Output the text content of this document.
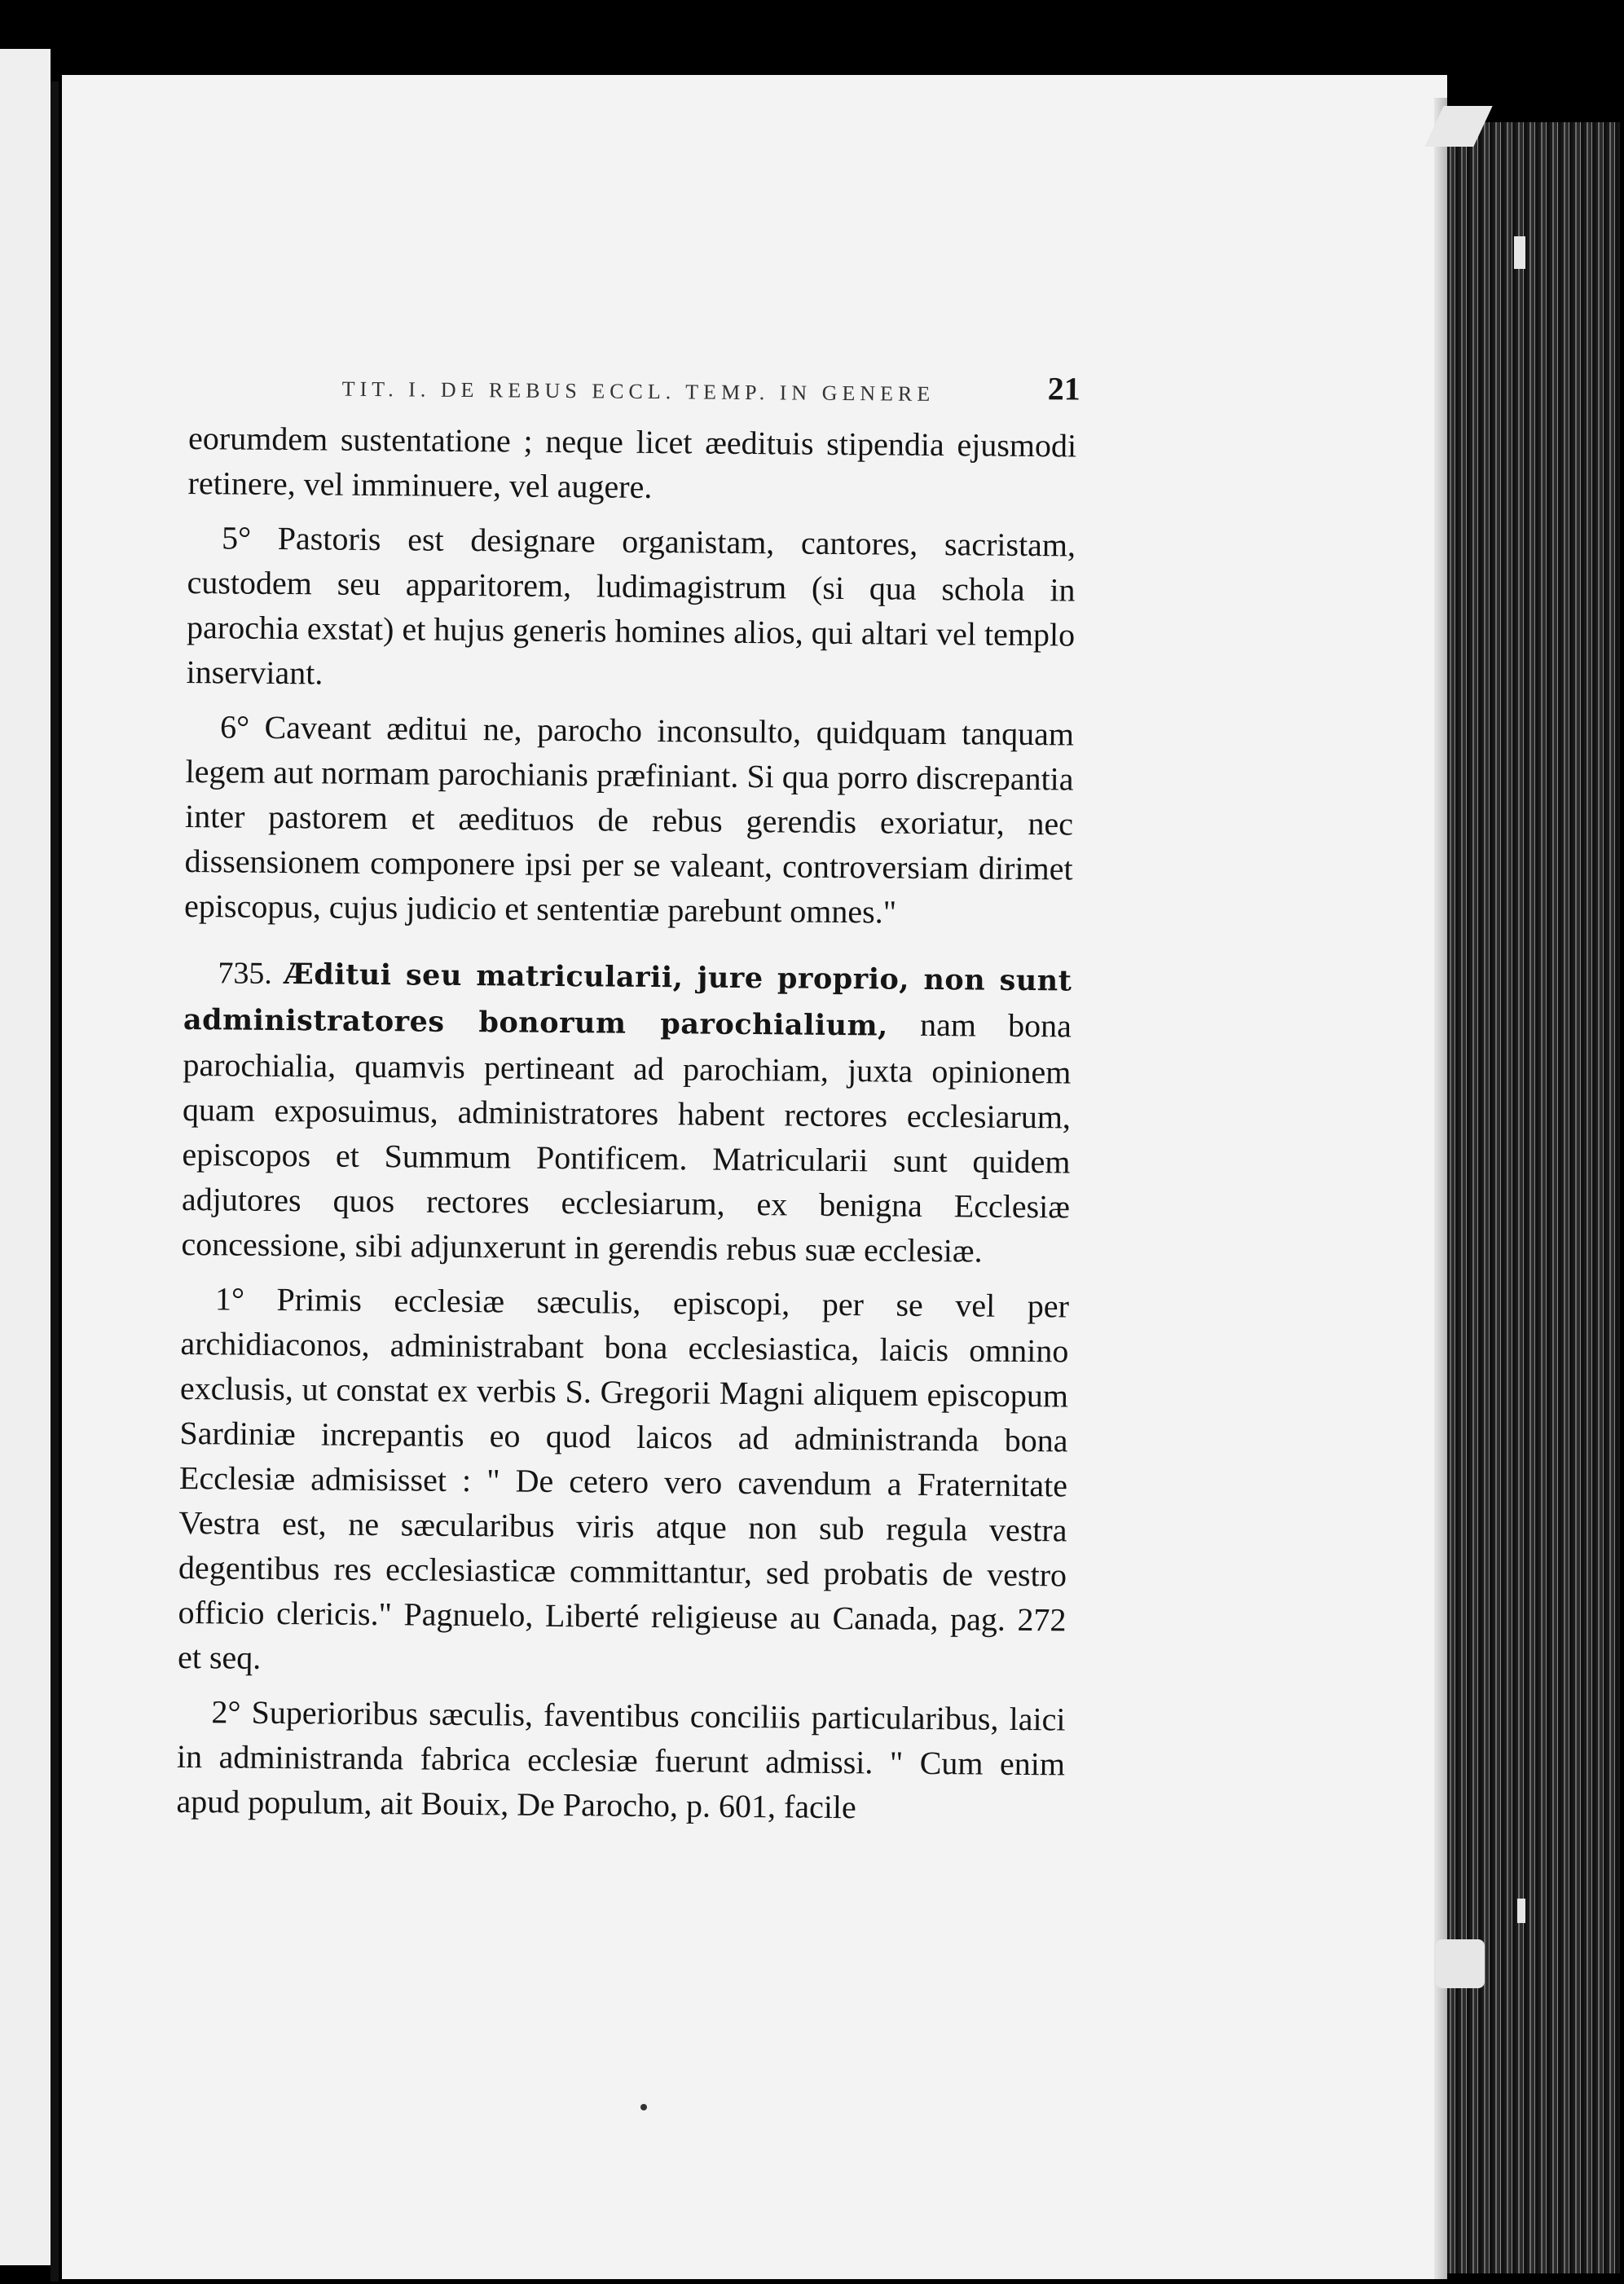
TIT. I. DE REBUS ECCL. TEMP. IN GENERE	21

eorumdem sustentatione ; neque licet æedituis stipendia ejusmodi retinere, vel imminuere, vel augere.

5° Pastoris est designare organistam, cantores, sacristam, custodem seu apparitorem, ludimagistrum (si qua schola in parochia exstat) et hujus generis homines alios, qui altari vel templo inserviant.

6° Caveant æditui ne, parocho inconsulto, quidquam tanquam legem aut normam parochianis præfiniant. Si qua porro discrepantia inter pastorem et æedituos de rebus gerendis exoriatur, nec dissensionem componere ipsi per se valeant, controversiam dirimet episcopus, cujus judicio et sententiæ parebunt omnes."

735. Æditui seu matricularii, jure proprio, non sunt administratores bonorum parochialium, nam bona parochialia, quamvis pertineant ad parochiam, juxta opinionem quam exposuimus, administratores habent rectores ecclesiarum, episcopos et Summum Pontificem. Matricularii sunt quidem adjutores quos rectores ecclesiarum, ex benigna Ecclesiæ concessione, sibi adjunxerunt in gerendis rebus suæ ecclesiæ.

1° Primis ecclesiæ sæculis, episcopi, per se vel per archidiaconos, administrabant bona ecclesiastica, laicis omnino exclusis, ut constat ex verbis S. Gregorii Magni aliquem episcopum Sardiniæ increpantis eo quod laicos ad administranda bona Ecclesiæ admisisset : " De cetero vero cavendum a Fraternitate Vestra est, ne sæcularibus viris atque non sub regula vestra degentibus res ecclesiasticæ committantur, sed probatis de vestro officio clericis." Pagnuelo, Liberté religieuse au Canada, pag. 272 et seq.

2° Superioribus sæculis, faventibus conciliis particularibus, laici in administranda fabrica ecclesiæ fuerunt admissi. " Cum enim apud populum, ait Bouix, De Parocho, p. 601, facile
